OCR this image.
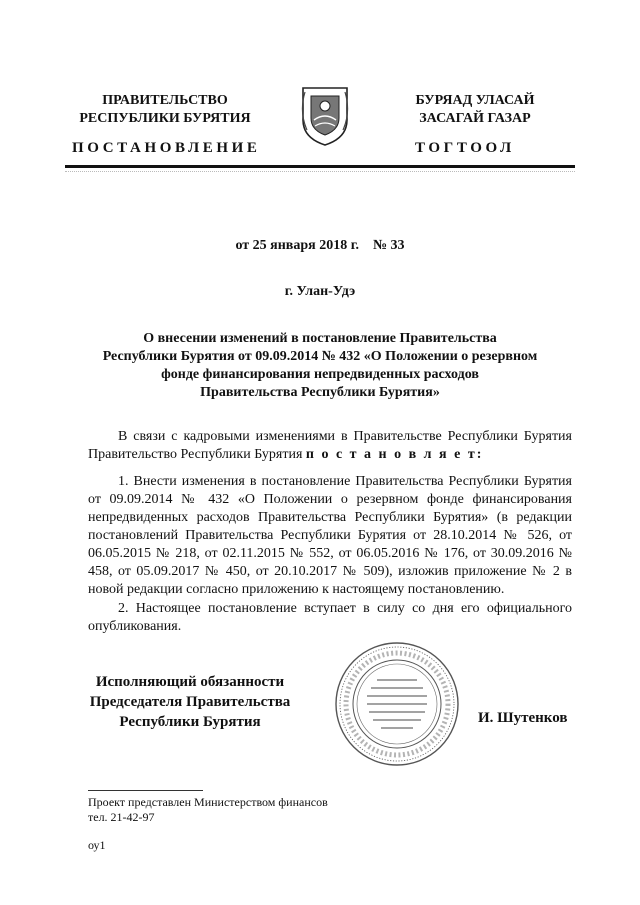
ПРАВИТЕЛЬСТВО
РЕСПУБЛИКИ БУРЯТИЯ
БУРЯАД УЛАСАЙ
ЗАСАГАЙ ГАЗАР
ПОСТАНОВЛЕНИЕ	ТОГТООЛ
от 25 января 2018 г.    № 33
г. Улан-Удэ
О внесении изменений в постановление Правительства
Республики Бурятия от 09.09.2014 № 432 «О Положении о резервном
фонде финансирования непредвиденных расходов
Правительства Республики Бурятия»
В связи с кадровыми изменениями в Правительстве Республики Бурятия Правительство Республики Бурятия п о с т а н о в л я е т:
1. Внести изменения в постановление Правительства Республики Бурятия от 09.09.2014 № 432 «О Положении о резервном фонде финансирования непредвиденных расходов Правительства Республики Бурятия» (в редакции постановлений Правительства Республики Бурятия от 28.10.2014 № 526, от 06.05.2015 № 218, от 02.11.2015 № 552, от 06.05.2016 № 176, от 30.09.2016 № 458, от 05.09.2017 № 450, от 20.10.2017 № 509), изложив приложение № 2 в новой редакции согласно приложению к настоящему постановлению.
2. Настоящее постановление вступает в силу со дня его официального опубликования.
Исполняющий обязанности
Председателя Правительства
Республики Бурятия	И. Шутенков
Проект представлен Министерством финансов
тел. 21-42-97
оу1
